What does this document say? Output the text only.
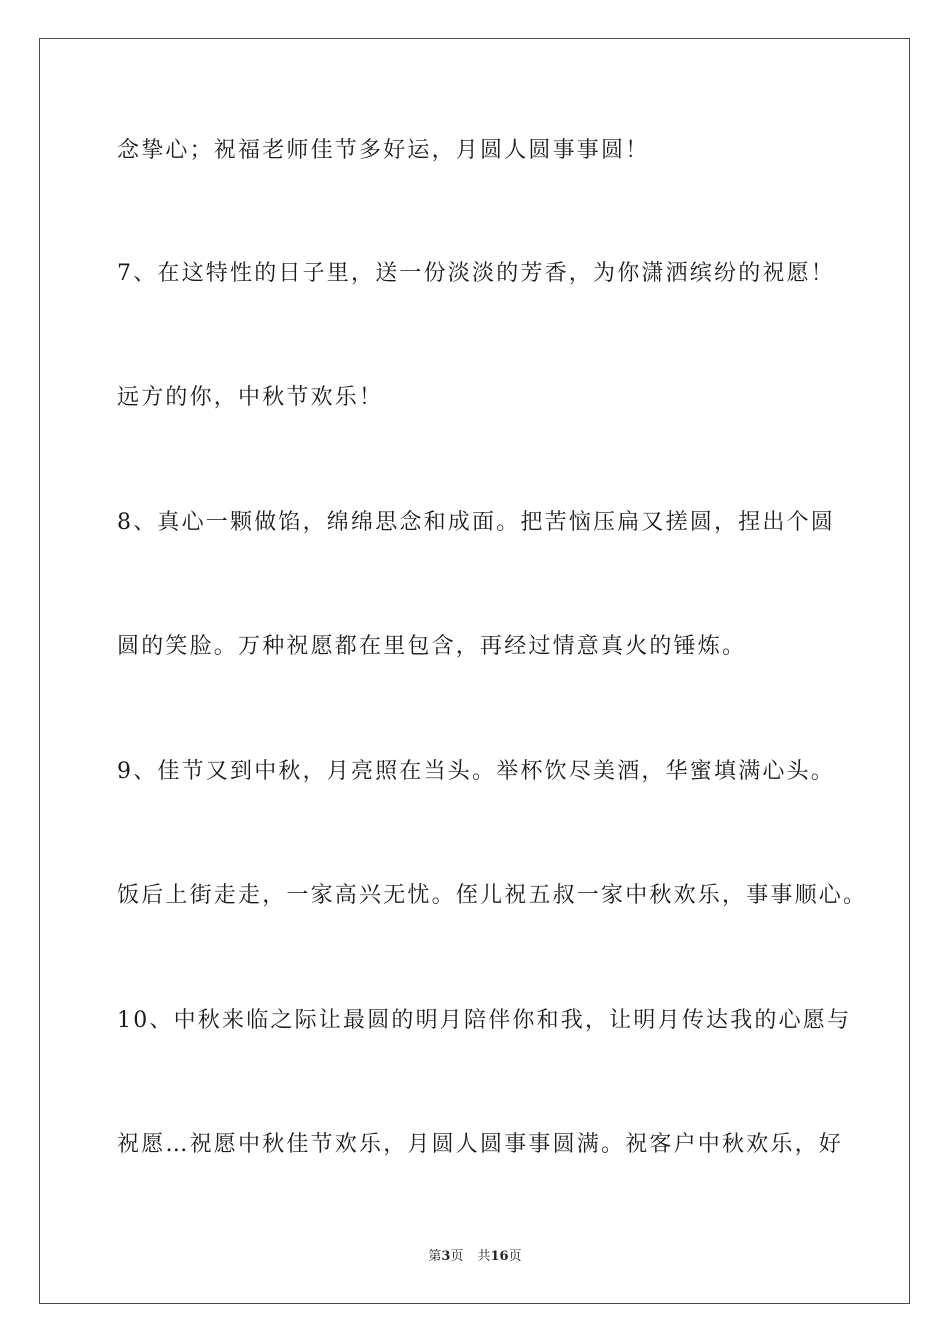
念挚心；祝福老师佳节多好运，月圆人圆事事圆！
7、在这特性的日子里，送一份淡淡的芳香，为你潇洒缤纷的祝愿！
远方的你，中秋节欢乐！
8、真心一颗做馅，绵绵思念和成面。把苦恼压扁又搓圆，捏出个圆
圆的笑脸。万种祝愿都在里包含，再经过情意真火的锤炼。
9、佳节又到中秋，月亮照在当头。举杯饮尽美酒，华蜜填满心头。
饭后上街走走，一家高兴无忧。侄儿祝五叔一家中秋欢乐，事事顺心。
10、中秋来临之际让最圆的明月陪伴你和我，让明月传达我的心愿与
祝愿…祝愿中秋佳节欢乐，月圆人圆事事圆满。祝客户中秋欢乐，好
第3页 共16页
